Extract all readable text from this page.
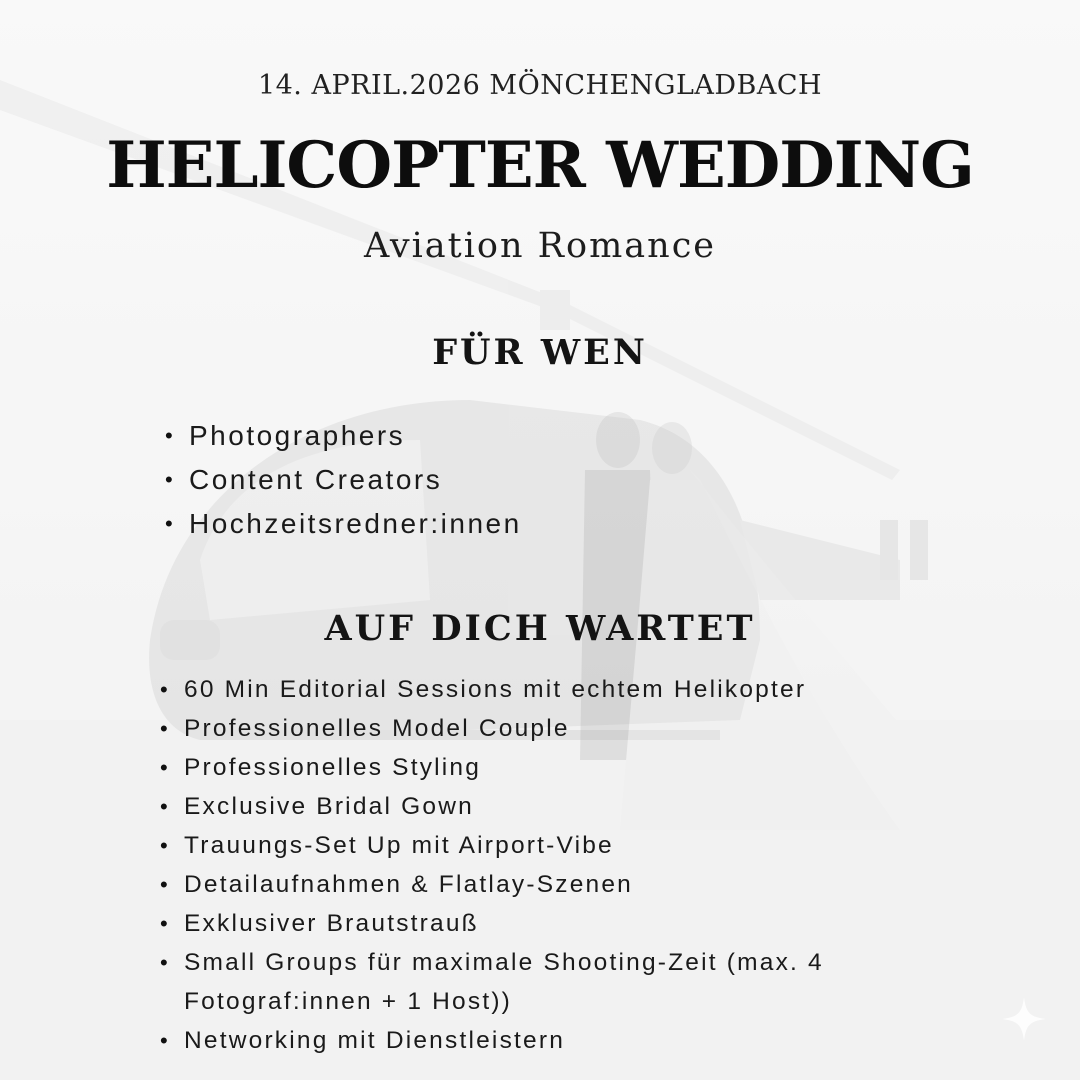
14. APRIL.2026 MÖNCHENGLADBACH
HELICOPTER WEDDING
Aviation Romance
FÜR WEN
• Photographers
• Content Creators
• Hochzeitsredner:innen
AUF DICH WARTET
• 60 Min Editorial Sessions mit echtem Helikopter
• Professionelles Model Couple
• Professionelles Styling
• Exclusive Bridal Gown
• Trauungs-Set Up mit Airport-Vibe
• Detailaufnahmen & Flatlay-Szenen
• Exklusiver Brautstrauß
• Small Groups für maximale Shooting-Zeit (max. 4 Fotograf:innen + 1 Host))
• Networking mit Dienstleistern
